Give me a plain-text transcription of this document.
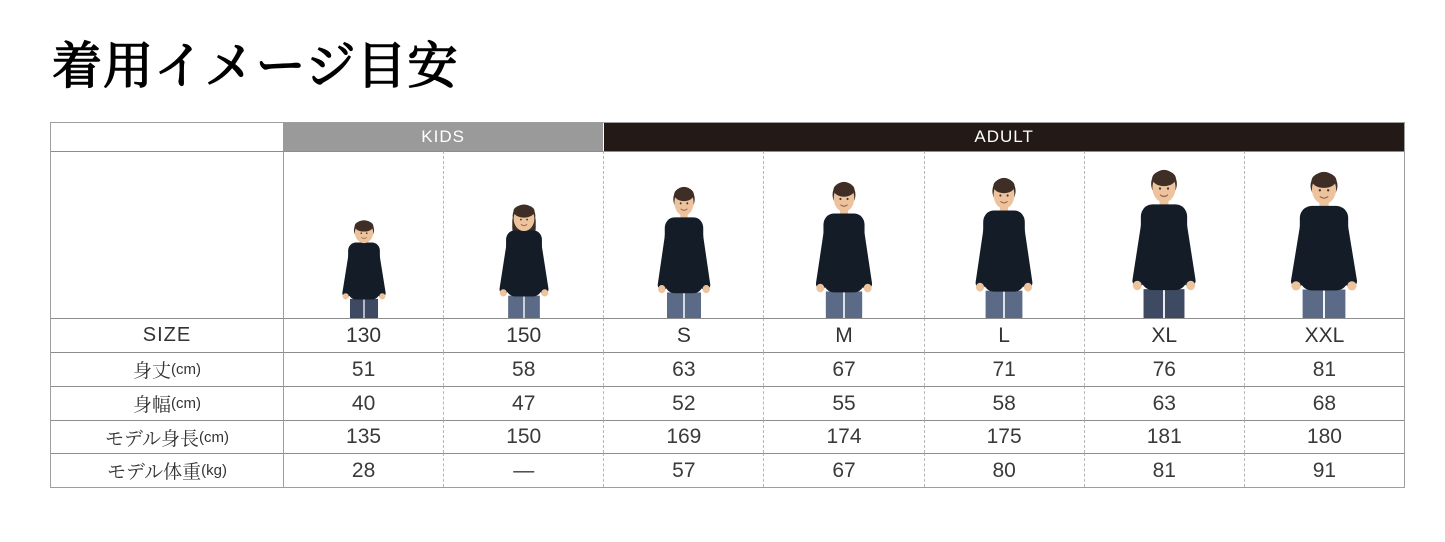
着用イメージ目安
KIDS	ADULT
SIZE	130	150	S	M	L	XL	XXL
身丈 (cm)	51	58	63	67	71	76	81
身幅 (cm)	40	47	52	55	58	63	68
モデル身長 (cm)	135	150	169	174	175	181	180
モデル体重 (kg)	28	—	57	67	80	81	91
